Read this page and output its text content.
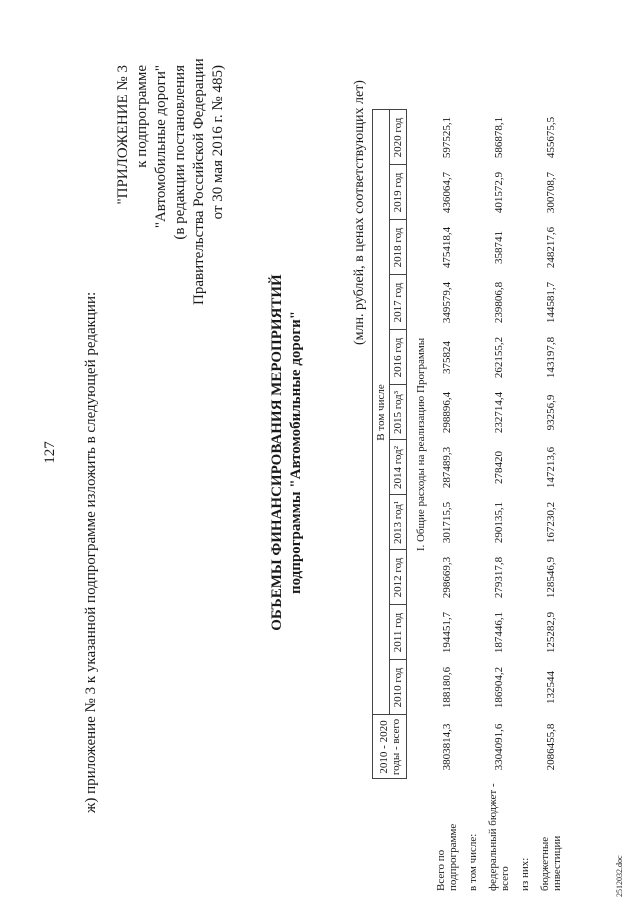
127 ж) приложение № 3 к указанной подпрограмме изложить в следующей редакции:
"ПРИЛОЖЕНИЕ № 3 к подпрограмме "Автомобильные дороги" (в редакции постановления Правительства Российской Федерации от 30 мая 2016 г. № 485)
ОБЪЕМЫ ФИНАНСИРОВАНИЯ МЕРОПРИЯТИЙ подпрограммы "Автомобильные дороги"
(млн. рублей, в ценах соответствующих лет)
	2010 - 2020 годы - всего	В том числе										
		2010 год	2011 год	2012 год	2013 год¹	2014 год²	2015 год³	2016 год	2017 год	2018 год	2019 год	2020 год
	I. Общие расходы на реализацию Программы											
Всего по подпрограмме	3803814,3	188180,6	194451,7	298669,3	301715,5	287489,3	298896,4	375824	349579,4	475418,4	436064,7	597525,1
в том числе:												
федеральный бюджет - всего	3304091,6	186904,2	187446,1	279317,8	290135,1	278420	232714,4	262155,2	239806,8	358741	401572,9	586878,1
из них:												
бюджетные инвестиции	2086455,8	132544	125282,9	128546,9	167230,2	147213,6	93256,9	143197,8	144581,7	248217,6	300708,7	455675,5
2512032.doc
